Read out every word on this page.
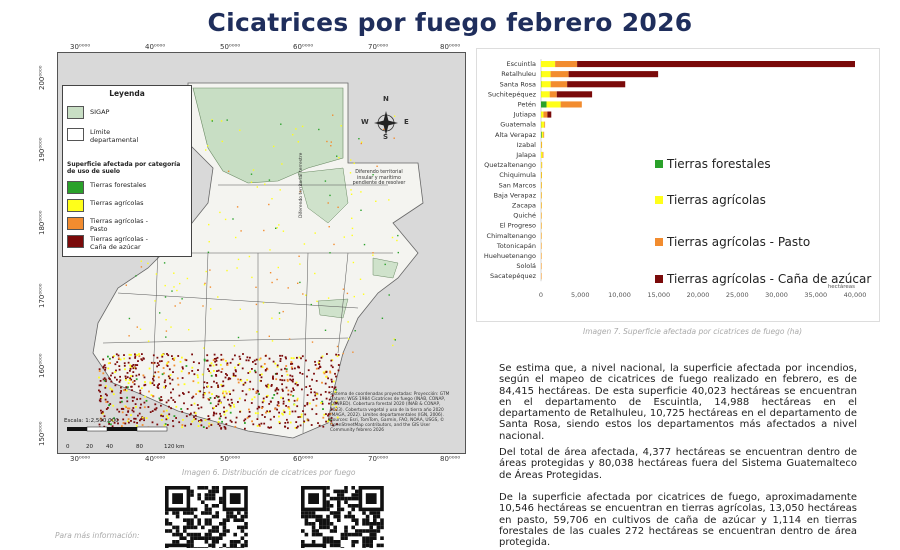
Cicatrices por fuego febrero 2026
30⁰⁰⁰⁰
30⁰⁰⁰⁰
40⁰⁰⁰⁰
40⁰⁰⁰⁰
50⁰⁰⁰⁰
50⁰⁰⁰⁰
60⁰⁰⁰⁰
60⁰⁰⁰⁰
70⁰⁰⁰⁰
70⁰⁰⁰⁰
80⁰⁰⁰⁰
80⁰⁰⁰⁰
200⁰⁰⁰⁰
190⁰⁰⁰⁰
180⁰⁰⁰⁰
170⁰⁰⁰⁰
160⁰⁰⁰⁰
150⁰⁰⁰⁰
N
S
E
W
Diferendo territorial insular y marítimo pendiente de resolver
Diferendo territorial terrestre
Leyenda
SIGAP
Límite departamental
Superficie afectada por categoría de uso de suelo
Tierras forestales
Tierras agrícolas
Tierras agrícolas - Pasto
Tierras agrícolas - Caña de azúcar
Sistema de coordenadas proyectadas: Proyección: GTM Datum: WGS 1984 Cicatrices de fuego (INAB, CONAP, CONRED). Cobertura forestal 2020 (INAB & CONAP, 2023). Cobertura vegetal y uso de la tierra año 2020 (MAGA, 2022). Límites departamentales (IGN, 2006). Sources: Esri, TomTom, Garmin, FAO, NOAA, USGS, © OpenStreetMap contributors, and the GIS User Community febrero 2026
Escala: 1:2,500,000
0	20 40	80	120 km
Imagen 6. Distribución de cicatrices por fuego
Escuintla
Retalhuleu
Santa Rosa
Suchitepéquez
Petén
Jutiapa
Guatemala
Alta Verapaz
Izabal
Jalapa
Quetzaltenango
Chiquimula
San Marcos
Baja Verapaz
Zacapa
Quiché
El Progreso
Chimaltenango
Totonicapán
Huehuetenango
Sololá
Sacatepéquez
0	5,000	10,000	15,000	20,000	25,000	30,000	35,000	40,000
hectáreas
Tierras forestales
Tierras agrícolas
Tierras agrícolas - Pasto
Tierras agrícolas - Caña de azúcar
Imagen 7. Superficie afectada por cicatrices de fuego (ha)
Se estima que, a nivel nacional, la superficie afectada por incendios, según el mapeo de cicatrices de fuego realizado en febrero, es de 84,415 hectáreas. De esta superficie 40,023 hectáreas se encuentran en el departamento de Escuintla, 14,988 hectáreas en el departamento de Retalhuleu, 10,725 hectáreas en el departamento de Santa Rosa, siendo estos los departamentos más afectados a nivel nacional.
Del total de área afectada, 4,377 hectáreas se encuentran dentro de áreas protegidas y 80,038 hectáreas fuera del Sistema Guatemalteco de Áreas Protegidas.
De la superficie afectada por cicatrices de fuego, aproximadamente 10,546 hectáreas se encuentran en tierras agrícolas, 13,050 hectáreas en pasto, 59,706 en cultivos de caña de azúcar y 1,114 en tierras forestales de las cuales 272 hectáreas se encuentran dentro de área protegida.
Para más información:
